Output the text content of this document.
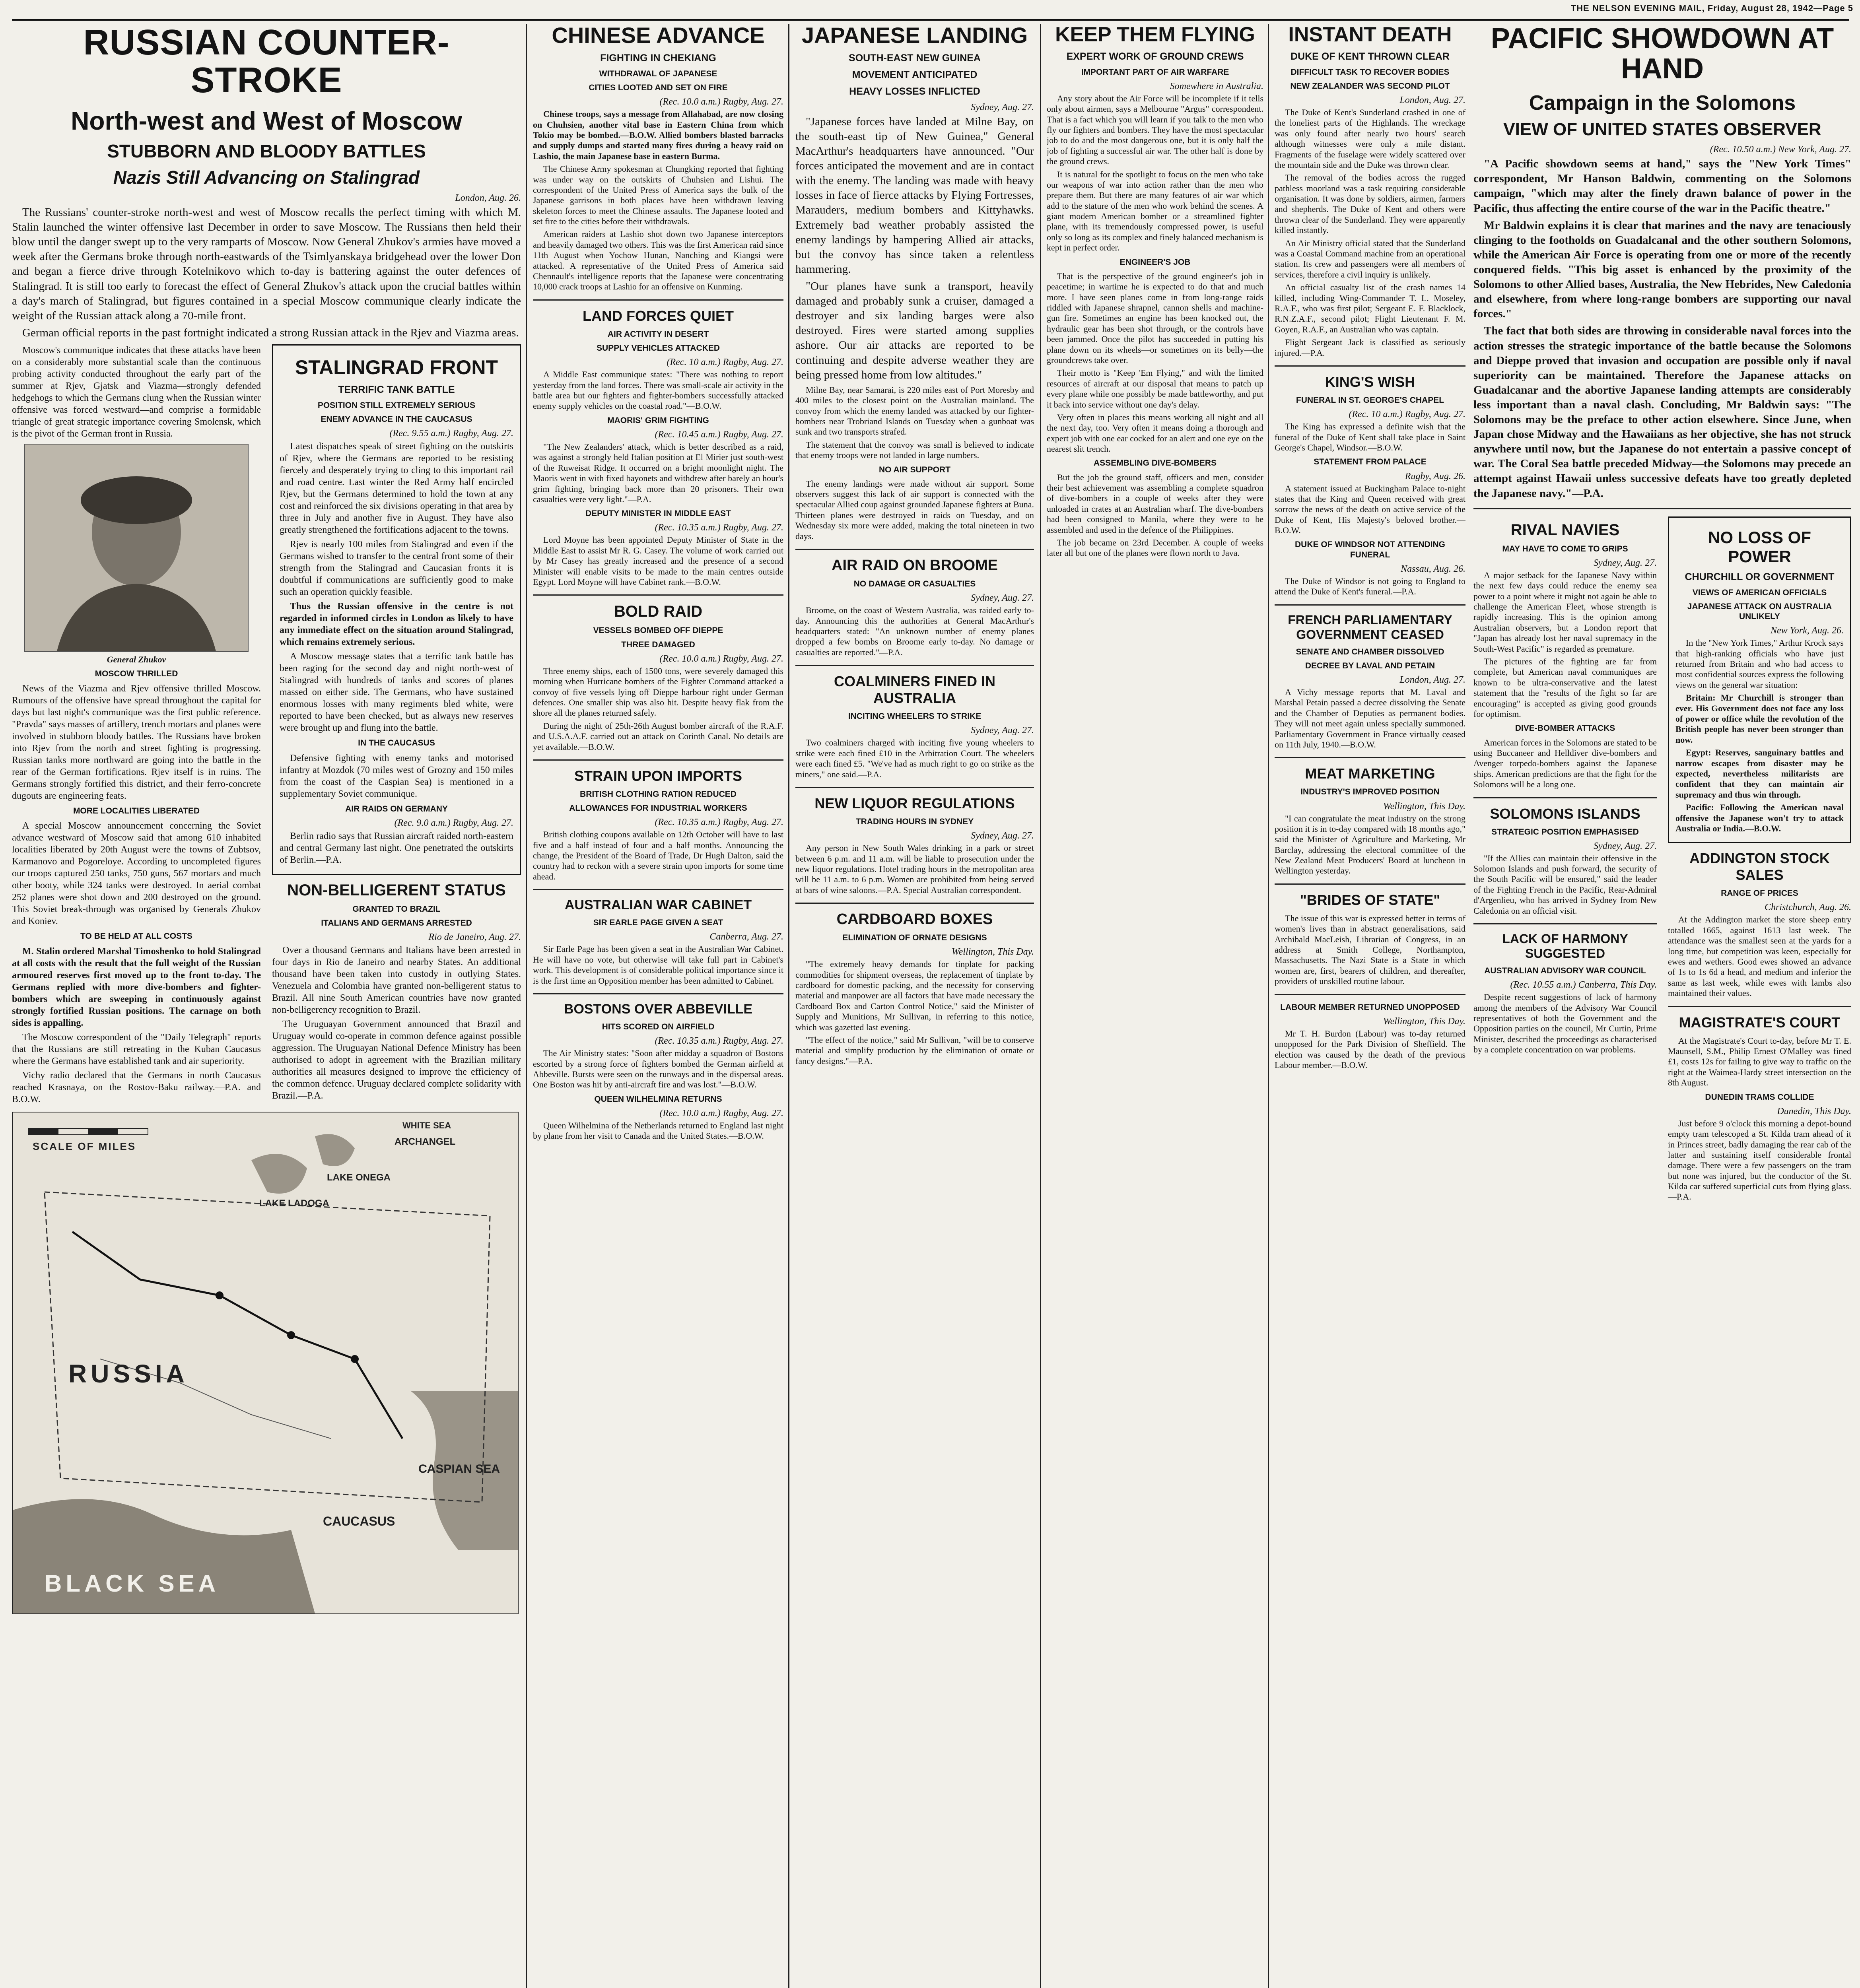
THE NELSON EVENING MAIL, Friday, August 28, 1942—Page 5
RUSSIAN COUNTER-STROKE
North-west and West of Moscow
STUBBORN AND BLOODY BATTLES
Nazis Still Advancing on Stalingrad
London, Aug. 26.

The Russians' counter-stroke north-west and west of Moscow recalls the perfect timing with which M. Stalin launched the winter offensive last December in order to save Moscow. The Russians then held their blow until the danger swept up to the very ramparts of Moscow. Now General Zhukov's armies have moved a week after the Germans broke through north-eastwards of the Tsimlyanskaya bridgehead over the lower Don and began a fierce drive through Kotelnikovo which to-day is battering against the outer defences of Stalingrad. It is still too early to forecast the effect of General Zhukov's attack upon the crucial battles within a day's march of Stalingrad, but figures contained in a special Moscow communique clearly indicate the weight of the Russian attack along a 70-mile front.

German official reports in the past fortnight indicated a strong Russian attack in the Rjev and Viazma areas.

Moscow's communique indicates that these attacks have been on a considerably more substantial scale than the continuous probing activity conducted throughout the early part of the summer at Rjev, Gjatsk and Viazma—strongly defended hedgehogs to which the Germans clung when the Russian winter offensive was forced westward—and comprise a formidable triangle of great strategic importance covering Smolensk, which is the pivot of the German front in Russia.

General Zhukov
MOSCOW THRILLED

News of the Viazma and Rjev offensive thrilled Moscow. Rumours of the offensive have spread throughout the capital for days but last night's communique was the first public reference. "Pravda" says masses of artillery, trench mortars and planes were involved in stubborn bloody battles. The Russians have broken into Rjev from the north and street fighting is progressing. Russian tanks more northward are going into the battle in the rear of the German fortifications. Rjev itself is in ruins. The Germans strongly fortified this district, and their ferro-concrete dugouts are engineering feats.

MORE LOCALITIES LIBERATED

A special Moscow announcement concerning the Soviet advance westward of Moscow said that among 610 inhabited localities liberated by 20th August were the towns of Zubtsov, Karmanovo and Pogoreloye. According to uncompleted figures our troops captured 250 tanks, 750 guns, 567 mortars and much other booty, while 324 tanks were destroyed. In aerial combat 252 planes were shot down and 200 destroyed on the ground. This Soviet break-through was organised by Generals Zhukov and Koniev.

TO BE HELD AT ALL COSTS

M. Stalin ordered Marshal Timoshenko to hold Stalingrad at all costs with the result that the full weight of the Russian armoured reserves first moved up to the front to-day. The Germans replied with more dive-bombers and fighter-bombers which are sweeping in continuously against strongly fortified Russian positions. The carnage on both sides is appalling.

The Moscow correspondent of the "Daily Telegraph" reports that the Russians are still retreating in the Kuban Caucasus where the Germans have established tank and air superiority.

Vichy radio declared that the Germans in north Caucasus reached Krasnaya, on the Rostov-Baku railway.—P.A. and B.O.W.

STALINGRAD FRONT
TERRIFIC TANK BATTLE
POSITION STILL EXTREMELY SERIOUS
ENEMY ADVANCE IN THE CAUCASUS
(Rec. 9.55 a.m.) Rugby, Aug. 27.

Latest dispatches speak of street fighting on the outskirts of Rjev, where the Germans are reported to be resisting fiercely and desperately trying to cling to this important rail and road centre. Last winter the Red Army half encircled Rjev, but the Germans determined to hold the town at any cost and reinforced the six divisions operating in that area by three in July and another five in August. They have also greatly strengthened the fortifications adjacent to the towns.

Rjev is nearly 100 miles from Stalingrad and even if the Germans wished to transfer to the central front some of their strength from the Stalingrad and Caucasian fronts it is doubtful if communications are sufficiently good to make such an operation quickly feasible.

Thus the Russian offensive in the centre is not regarded in informed circles in London as likely to have any immediate effect on the situation around Stalingrad, which remains extremely serious.

A Moscow message states that a terrific tank battle has been raging for the second day and night north-west of Stalingrad with hundreds of tanks and scores of planes massed on either side. The Germans, who have sustained enormous losses with many regiments bled white, were reported to have been checked, but as always new reserves were brought up and flung into the battle.

IN THE CAUCASUS

Defensive fighting with enemy tanks and motorised infantry at Mozdok (70 miles west of Grozny and 150 miles from the coast of the Caspian Sea) is mentioned in a supplementary Soviet communique.

AIR RAIDS ON GERMANY
(Rec. 9.0 a.m.) Rugby, Aug. 27.

Berlin radio says that Russian aircraft raided north-eastern and central Germany last night. One penetrated the outskirts of Berlin.—P.A.

NON-BELLIGERENT STATUS
GRANTED TO BRAZIL
ITALIANS AND GERMANS ARRESTED
Rio de Janeiro, Aug. 27.

Over a thousand Germans and Italians have been arrested in four days in Rio de Janeiro and nearby States. An additional thousand have been taken into custody in outlying States. Venezuela and Colombia have granted non-belligerent status to Brazil. All nine South American countries have now granted non-belligerency recognition to Brazil.

The Uruguayan Government announced that Brazil and Uruguay would co-operate in common defence against possible aggression. The Uruguayan National Defence Ministry has been authorised to adopt in agreement with the Brazilian military authorities all measures designed to improve the efficiency of the common defence. Uruguay declared complete solidarity with Brazil.—P.A.

SCALE OF MILES
LAKE LADOGA
LAKE ONEGA
ARCHANGEL
WHITE SEA
RUSSIA
CASPIAN SEA
CAUCASUS
BLACK SEA
CHINESE ADVANCE
FIGHTING IN CHEKIANG
WITHDRAWAL OF JAPANESE
CITIES LOOTED AND SET ON FIRE
(Rec. 10.0 a.m.) Rugby, Aug. 27.

Chinese troops, says a message from Allahabad, are now closing on Chuhsien, another vital base in Eastern China from which Tokio may be bombed.—B.O.W. Allied bombers blasted barracks and supply dumps and started many fires during a heavy raid on Lashio, the main Japanese base in eastern Burma.

The Chinese Army spokesman at Chungking reported that fighting was under way on the outskirts of Chuhsien and Lishui. The correspondent of the United Press of America says the bulk of the Japanese garrisons in both places have been withdrawn leaving skeleton forces to meet the Chinese assaults. The Japanese looted and set fire to the cities before their withdrawals.

American raiders at Lashio shot down two Japanese interceptors and heavily damaged two others. This was the first American raid since 11th August when Yochow Hunan, Nanching and Kiangsi were attacked. A representative of the United Press of America said Chennault's intelligence reports that the Japanese were concentrating 10,000 crack troops at Lashio for an offensive on Kunming.

LAND FORCES QUIET
AIR ACTIVITY IN DESERT
SUPPLY VEHICLES ATTACKED
(Rec. 10 a.m.) Rugby, Aug. 27.

A Middle East communique states: "There was nothing to report yesterday from the land forces. There was small-scale air activity in the battle area but our fighters and fighter-bombers successfully attacked enemy supply vehicles on the coastal road."—B.O.W.

MAORIS' GRIM FIGHTING
(Rec. 10.45 a.m.) Rugby, Aug. 27.

"The New Zealanders' attack, which is better described as a raid, was against a strongly held Italian position at El Mirier just south-west of the Ruweisat Ridge. It occurred on a bright moonlight night. The Maoris went in with fixed bayonets and withdrew after barely an hour's grim fighting, bringing back more than 20 prisoners. Their own casualties were very light."—P.A.

DEPUTY MINISTER IN MIDDLE EAST
(Rec. 10.35 a.m.) Rugby, Aug. 27.

Lord Moyne has been appointed Deputy Minister of State in the Middle East to assist Mr R. G. Casey. The volume of work carried out by Mr Casey has greatly increased and the presence of a second Minister will enable visits to be made to the main centres outside Egypt. Lord Moyne will have Cabinet rank.—B.O.W.

BOLD RAID
VESSELS BOMBED OFF DIEPPE
THREE DAMAGED
(Rec. 10.0 a.m.) Rugby, Aug. 27.

Three enemy ships, each of 1500 tons, were severely damaged this morning when Hurricane bombers of the Fighter Command attacked a convoy of five vessels lying off Dieppe harbour right under German defences. One smaller ship was also hit. Despite heavy flak from the shore all the planes returned safely.

During the night of 25th-26th August bomber aircraft of the R.A.F. and U.S.A.A.F. carried out an attack on Corinth Canal. No details are yet available.—B.O.W.

STRAIN UPON IMPORTS
BRITISH CLOTHING RATION REDUCED
ALLOWANCES FOR INDUSTRIAL WORKERS
(Rec. 10.35 a.m.) Rugby, Aug. 27.

British clothing coupons available on 12th October will have to last five and a half instead of four and a half months. Announcing the change, the President of the Board of Trade, Dr Hugh Dalton, said the country had to reckon with a severe strain upon imports for some time ahead.

AUSTRALIAN WAR CABINET
SIR EARLE PAGE GIVEN A SEAT
Canberra, Aug. 27.

Sir Earle Page has been given a seat in the Australian War Cabinet. He will have no vote, but otherwise will take full part in Cabinet's work. This development is of considerable political importance since it is the first time an Opposition member has been admitted to Cabinet.

BOSTONS OVER ABBEVILLE
HITS SCORED ON AIRFIELD
(Rec. 10.35 a.m.) Rugby, Aug. 27.

The Air Ministry states: "Soon after midday a squadron of Bostons escorted by a strong force of fighters bombed the German airfield at Abbeville. Bursts were seen on the runways and in the dispersal areas. One Boston was hit by anti-aircraft fire and was lost."—B.O.W.

QUEEN WILHELMINA RETURNS
(Rec. 10.0 a.m.) Rugby, Aug. 27.

Queen Wilhelmina of the Netherlands returned to England last night by plane from her visit to Canada and the United States.—B.O.W.

JAPANESE LANDING
SOUTH-EAST NEW GUINEA
MOVEMENT ANTICIPATED
HEAVY LOSSES INFLICTED
Sydney, Aug. 27.

"Japanese forces have landed at Milne Bay, on the south-east tip of New Guinea," General MacArthur's headquarters have announced. "Our forces anticipated the movement and are in contact with the enemy. The landing was made with heavy losses in face of fierce attacks by Flying Fortresses, Marauders, medium bombers and Kittyhawks. Extremely bad weather probably assisted the enemy landings by hampering Allied air attacks, but the convoy has since taken a relentless hammering.

"Our planes have sunk a transport, heavily damaged and probably sunk a cruiser, damaged a destroyer and six landing barges were also destroyed. Fires were started among supplies ashore. Our air attacks are reported to be continuing and despite adverse weather they are being pressed home from low altitudes."

Milne Bay, near Samarai, is 220 miles east of Port Moresby and 400 miles to the closest point on the Australian mainland. The convoy from which the enemy landed was attacked by our fighter-bombers near Trobriand Islands on Tuesday when a gunboat was sunk and two transports strafed.

The statement that the convoy was small is believed to indicate that enemy troops were not landed in large numbers.

NO AIR SUPPORT

The enemy landings were made without air support. Some observers suggest this lack of air support is connected with the spectacular Allied coup against grounded Japanese fighters at Buna. Thirteen planes were destroyed in raids on Tuesday, and on Wednesday six more were added, making the total nineteen in two days.

AIR RAID ON BROOME
NO DAMAGE OR CASUALTIES
Sydney, Aug. 27.

Broome, on the coast of Western Australia, was raided early to-day. Announcing this the authorities at General MacArthur's headquarters stated: "An unknown number of enemy planes dropped a few bombs on Broome early to-day. No damage or casualties are reported."—P.A.

COALMINERS FINED IN AUSTRALIA
INCITING WHEELERS TO STRIKE
Sydney, Aug. 27.

Two coalminers charged with inciting five young wheelers to strike were each fined £10 in the Arbitration Court. The wheelers were each fined £5. "We've had as much right to go on strike as the miners," one said.—P.A.

NEW LIQUOR REGULATIONS
TRADING HOURS IN SYDNEY
Sydney, Aug. 27.

Any person in New South Wales drinking in a park or street between 6 p.m. and 11 a.m. will be liable to prosecution under the new liquor regulations. Hotel trading hours in the metropolitan area will be 11 a.m. to 6 p.m. Women are prohibited from being served at bars of wine saloons.—P.A. Special Australian correspondent.

CARDBOARD BOXES
ELIMINATION OF ORNATE DESIGNS
Wellington, This Day.

"The extremely heavy demands for tinplate for packing commodities for shipment overseas, the replacement of tinplate by cardboard for domestic packing, and the necessity for conserving material and manpower are all factors that have made necessary the Cardboard Box and Carton Control Notice," said the Minister of Supply and Munitions, Mr Sullivan, in referring to this notice, which was gazetted last evening.

"The effect of the notice," said Mr Sullivan, "will be to conserve material and simplify production by the elimination of ornate or fancy designs."—P.A.

KEEP THEM FLYING
EXPERT WORK OF GROUND CREWS
IMPORTANT PART OF AIR WARFARE
Somewhere in Australia.

Any story about the Air Force will be incomplete if it tells only about airmen, says a Melbourne "Argus" correspondent. That is a fact which you will learn if you talk to the men who fly our fighters and bombers. They have the most spectacular job to do and the most dangerous one, but it is only half the job of fighting a successful air war. The other half is done by the ground crews.

It is natural for the spotlight to focus on the men who take our weapons of war into action rather than the men who prepare them. But there are many features of air war which add to the stature of the men who work behind the scenes. A giant modern American bomber or a streamlined fighter plane, with its tremendously compressed power, is useful only so long as its complex and finely balanced mechanism is kept in perfect order.

ENGINEER'S JOB

That is the perspective of the ground engineer's job in peacetime; in wartime he is expected to do that and much more. I have seen planes come in from long-range raids riddled with Japanese shrapnel, cannon shells and machine-gun fire. Sometimes an engine has been knocked out, the hydraulic gear has been shot through, or the controls have been jammed. Once the pilot has succeeded in putting his plane down on its wheels—or sometimes on its belly—the groundcrews take over.

Their motto is "Keep 'Em Flying," and with the limited resources of aircraft at our disposal that means to patch up every plane while one possibly be made battleworthy, and put it back into service without one day's delay.

Very often in places this means working all night and all the next day, too. Very often it means doing a thorough and expert job with one ear cocked for an alert and one eye on the nearest slit trench.

ASSEMBLING DIVE-BOMBERS

But the job the ground staff, officers and men, consider their best achievement was assembling a complete squadron of dive-bombers in a couple of weeks after they were unloaded in crates at an Australian wharf. The dive-bombers had been consigned to Manila, where they were to be assembled and used in the defence of the Philippines.

The job became on 23rd December. A couple of weeks later all but one of the planes were flown north to Java.

INSTANT DEATH
DUKE OF KENT THROWN CLEAR
DIFFICULT TASK TO RECOVER BODIES
NEW ZEALANDER WAS SECOND PILOT
London, Aug. 27.

The Duke of Kent's Sunderland crashed in one of the loneliest parts of the Highlands. The wreckage was only found after nearly two hours' search although witnesses were only a mile distant. Fragments of the fuselage were widely scattered over the mountain side and the Duke was thrown clear.

The removal of the bodies across the rugged pathless moorland was a task requiring considerable organisation. It was done by soldiers, airmen, farmers and shepherds. The Duke of Kent and others were thrown clear of the Sunderland. They were apparently killed instantly.

An Air Ministry official stated that the Sunderland was a Coastal Command machine from an operational station. Its crew and passengers were all members of services, therefore a civil inquiry is unlikely.

An official casualty list of the crash names 14 killed, including Wing-Commander T. L. Moseley, R.A.F., who was first pilot; Sergeant E. F. Blacklock, R.N.Z.A.F., second pilot; Flight Lieutenant F. M. Goyen, R.A.F., an Australian who was captain.

Flight Sergeant Jack is classified as seriously injured.—P.A.

KING'S WISH
FUNERAL IN ST. GEORGE'S CHAPEL
(Rec. 10 a.m.) Rugby, Aug. 27.

The King has expressed a definite wish that the funeral of the Duke of Kent shall take place in Saint George's Chapel, Windsor.—B.O.W.

STATEMENT FROM PALACE
Rugby, Aug. 26.

A statement issued at Buckingham Palace to-night states that the King and Queen received with great sorrow the news of the death on active service of the Duke of Kent, His Majesty's beloved brother.—B.O.W.

DUKE OF WINDSOR NOT ATTENDING FUNERAL
Nassau, Aug. 26.

The Duke of Windsor is not going to England to attend the Duke of Kent's funeral.—P.A.

FRENCH PARLIAMENTARY GOVERNMENT CEASED
SENATE AND CHAMBER DISSOLVED
DECREE BY LAVAL AND PETAIN
London, Aug. 27.

A Vichy message reports that M. Laval and Marshal Petain passed a decree dissolving the Senate and the Chamber of Deputies as permanent bodies. They will not meet again unless specially summoned. Parliamentary Government in France virtually ceased on 11th July, 1940.—B.O.W.

MEAT MARKETING
INDUSTRY'S IMPROVED POSITION
Wellington, This Day.

"I can congratulate the meat industry on the strong position it is in to-day compared with 18 months ago," said the Minister of Agriculture and Marketing, Mr Barclay, addressing the electoral committee of the New Zealand Meat Producers' Board at luncheon in Wellington yesterday.

"BRIDES OF STATE"

The issue of this war is expressed better in terms of women's lives than in abstract generalisations, said Archibald MacLeish, Librarian of Congress, in an address at Smith College, Northampton, Massachusetts. The Nazi State is a State in which women are, first, bearers of children, and thereafter, providers of unskilled routine labour.

LABOUR MEMBER RETURNED UNOPPOSED
Wellington, This Day.

Mr T. H. Burdon (Labour) was to-day returned unopposed for the Park Division of Sheffield. The election was caused by the death of the previous Labour member.—B.O.W.

PACIFIC SHOWDOWN AT HAND
Campaign in the Solomons
VIEW OF UNITED STATES OBSERVER
(Rec. 10.50 a.m.) New York, Aug. 27.

"A Pacific showdown seems at hand," says the "New York Times" correspondent, Mr Hanson Baldwin, commenting on the Solomons campaign, "which may alter the finely drawn balance of power in the Pacific, thus affecting the entire course of the war in the Pacific theatre."

Mr Baldwin explains it is clear that marines and the navy are tenaciously clinging to the footholds on Guadalcanal and the other southern Solomons, while the American Air Force is operating from one or more of the recently conquered fields. "This big asset is enhanced by the proximity of the Solomons to other Allied bases, Australia, the New Hebrides, New Caledonia and elsewhere, from where long-range bombers are supporting our naval forces."

The fact that both sides are throwing in considerable naval forces into the action stresses the strategic importance of the battle because the Solomons and Dieppe proved that invasion and occupation are possible only if naval superiority can be maintained. Therefore the Japanese attacks on Guadalcanar and the abortive Japanese landing attempts are considerably less important than a naval clash. Concluding, Mr Baldwin says: "The Solomons may be the preface to other action elsewhere. Since June, when Japan chose Midway and the Hawaiians as her objective, she has not struck anywhere until now, but the Japanese do not entertain a passive concept of war. The Coral Sea battle preceded Midway—the Solomons may precede an attempt against Hawaii unless successive defeats have too greatly depleted the Japanese navy."—P.A.

RIVAL NAVIES
MAY HAVE TO COME TO GRIPS
Sydney, Aug. 27.

A major setback for the Japanese Navy within the next few days could reduce the enemy sea power to a point where it might not again be able to challenge the American Fleet, whose strength is rapidly increasing. This is the opinion among Australian observers, but a London report that "Japan has already lost her naval supremacy in the South-West Pacific" is regarded as premature.

The pictures of the fighting are far from complete, but American naval communiques are known to be ultra-conservative and the latest statement that the "results of the fight so far are encouraging" is accepted as giving good grounds for optimism.

DIVE-BOMBER ATTACKS

American forces in the Solomons are stated to be using Buccaneer and Helldiver dive-bombers and Avenger torpedo-bombers against the Japanese ships. American predictions are that the fight for the Solomons will be a long one.

SOLOMONS ISLANDS
STRATEGIC POSITION EMPHASISED
Sydney, Aug. 27.

"If the Allies can maintain their offensive in the Solomon Islands and push forward, the security of the South Pacific will be ensured," said the leader of the Fighting French in the Pacific, Rear-Admiral d'Argenlieu, who has arrived in Sydney from New Caledonia on an official visit.

LACK OF HARMONY SUGGESTED
AUSTRALIAN ADVISORY WAR COUNCIL
(Rec. 10.55 a.m.) Canberra, This Day.

Despite recent suggestions of lack of harmony among the members of the Advisory War Council representatives of both the Government and the Opposition parties on the council, Mr Curtin, Prime Minister, described the proceedings as characterised by a complete concentration on war problems.

NO LOSS OF POWER
CHURCHILL OR GOVERNMENT
VIEWS OF AMERICAN OFFICIALS
JAPANESE ATTACK ON AUSTRALIA UNLIKELY
New York, Aug. 26.

In the "New York Times," Arthur Krock says that high-ranking officials who have just returned from Britain and who had access to most confidential sources express the following views on the general war situation:

Britain: Mr Churchill is stronger than ever. His Government does not face any loss of power or office while the revolution of the British people has never been stronger than now.

Egypt: Reserves, sanguinary battles and narrow escapes from disaster may be expected, nevertheless militarists are confident that they can maintain air supremacy and thus win through.

Pacific: Following the American naval offensive the Japanese won't try to attack Australia or India.—B.O.W.

ADDINGTON STOCK SALES
RANGE OF PRICES
Christchurch, Aug. 26.

At the Addington market the store sheep entry totalled 1665, against 1613 last week. The attendance was the smallest seen at the yards for a long time, but competition was keen, especially for ewes and wethers. Good ewes showed an advance of 1s to 1s 6d a head, and medium and inferior the same as last week, while ewes with lambs also maintained their values.

MAGISTRATE'S COURT

At the Magistrate's Court to-day, before Mr T. E. Maunsell, S.M., Philip Ernest O'Malley was fined £1, costs 12s for failing to give way to traffic on the right at the Waimea-Hardy street intersection on the 8th August.

DUNEDIN TRAMS COLLIDE
Dunedin, This Day.

Just before 9 o'clock this morning a depot-bound empty tram telescoped a St. Kilda tram ahead of it in Princes street, badly damaging the rear cab of the latter and sustaining itself considerable frontal damage. There were a few passengers on the tram but none was injured, but the conductor of the St. Kilda car suffered superficial cuts from flying glass.—P.A.
